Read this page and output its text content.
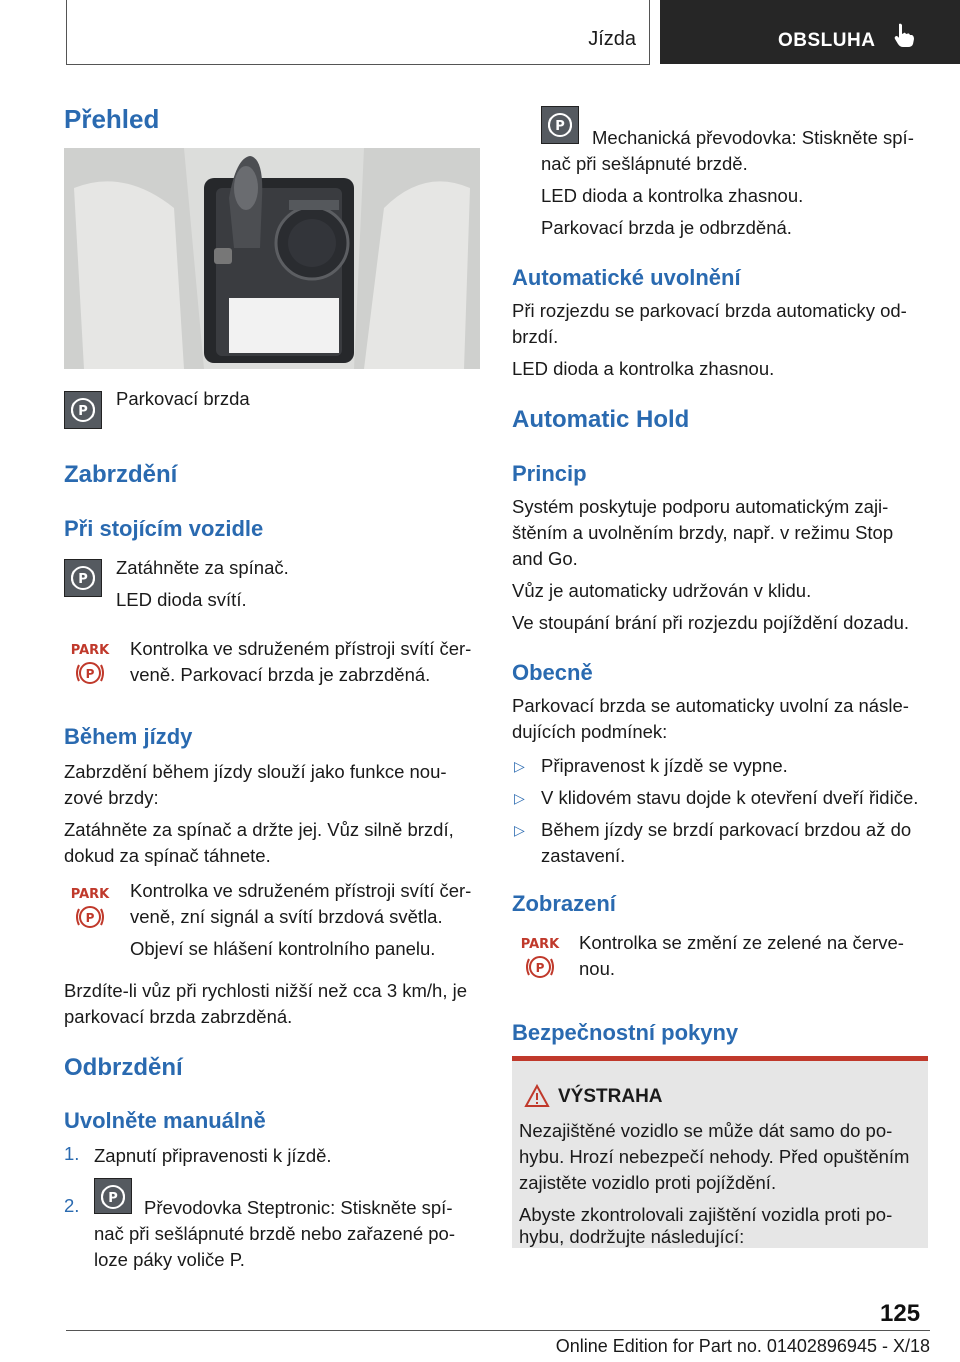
Jízda	OBSLUHA
Přehled
P

Parkovací brzda

Zabrzdění
Při stojícím vozidle
P

Zatáhněte za spínač.

LED dioda svítí.

PARK
P

Kontrolka ve sdruženém přístroji svítí čer-

veně. Parkovací brzda je zabrzděná.

Během jízdy

Zabrzdění během jízdy slouží jako funkce nou-

zové brzdy:

Zatáhněte za spínač a držte jej. Vůz silně brzdí,

dokud za spínač táhnete.

PARK
P

Kontrolka ve sdruženém přístroji svítí čer-

veně, zní signál a svítí brzdová světla.

Objeví se hlášení kontrolního panelu.

Brzdíte-li vůz při rychlosti nižší než cca 3 km/h, je

parkovací brzda zabrzděná.

Odbrzdění
Uvolněte manuálně
1. Zapnutí připravenosti k jízdě.

2. P Převodovka Steptronic: Stiskněte spí-

nač při sešlápnuté brzdě nebo zařazené po-

loze páky voliče P.

P

Mechanická převodovka: Stiskněte spí-

nač při sešlápnuté brzdě.

LED dioda a kontrolka zhasnou.

Parkovací brzda je odbrzděná.

Automatické uvolnění

Při rozjezdu se parkovací brzda automaticky od-

brzdí.

LED dioda a kontrolka zhasnou.

Automatic Hold
Princip

Systém poskytuje podporu automatickým zaji-

štěním a uvolněním brzdy, např. v režimu Stop

and Go.

Vůz je automaticky udržován v klidu.

Ve stoupání brání při rozjezdu pojíždění dozadu.

Obecně

Parkovací brzda se automaticky uvolní za násle-

dujících podmínek:

▷ Připravenost k jízdě se vypne.

▷ V klidovém stavu dojde k otevření dveří řidiče.

▷ Během jízdy se brzdí parkovací brzdou až do

zastavení.

Zobrazení
PARK
P

Kontrolka se změní ze zelené na červe-

nou.

Bezpečnostní pokyny
VÝSTRAHA

Nezajištěné vozidlo se může dát samo do po-

hybu. Hrozí nebezpečí nehody. Před opuštěním

zajistěte vozidlo proti pojíždění.

Abyste zkontrolovali zajištění vozidla proti po-

hybu, dodržujte následující:

125
Online Edition for Part no. 01402896945 - X/18
